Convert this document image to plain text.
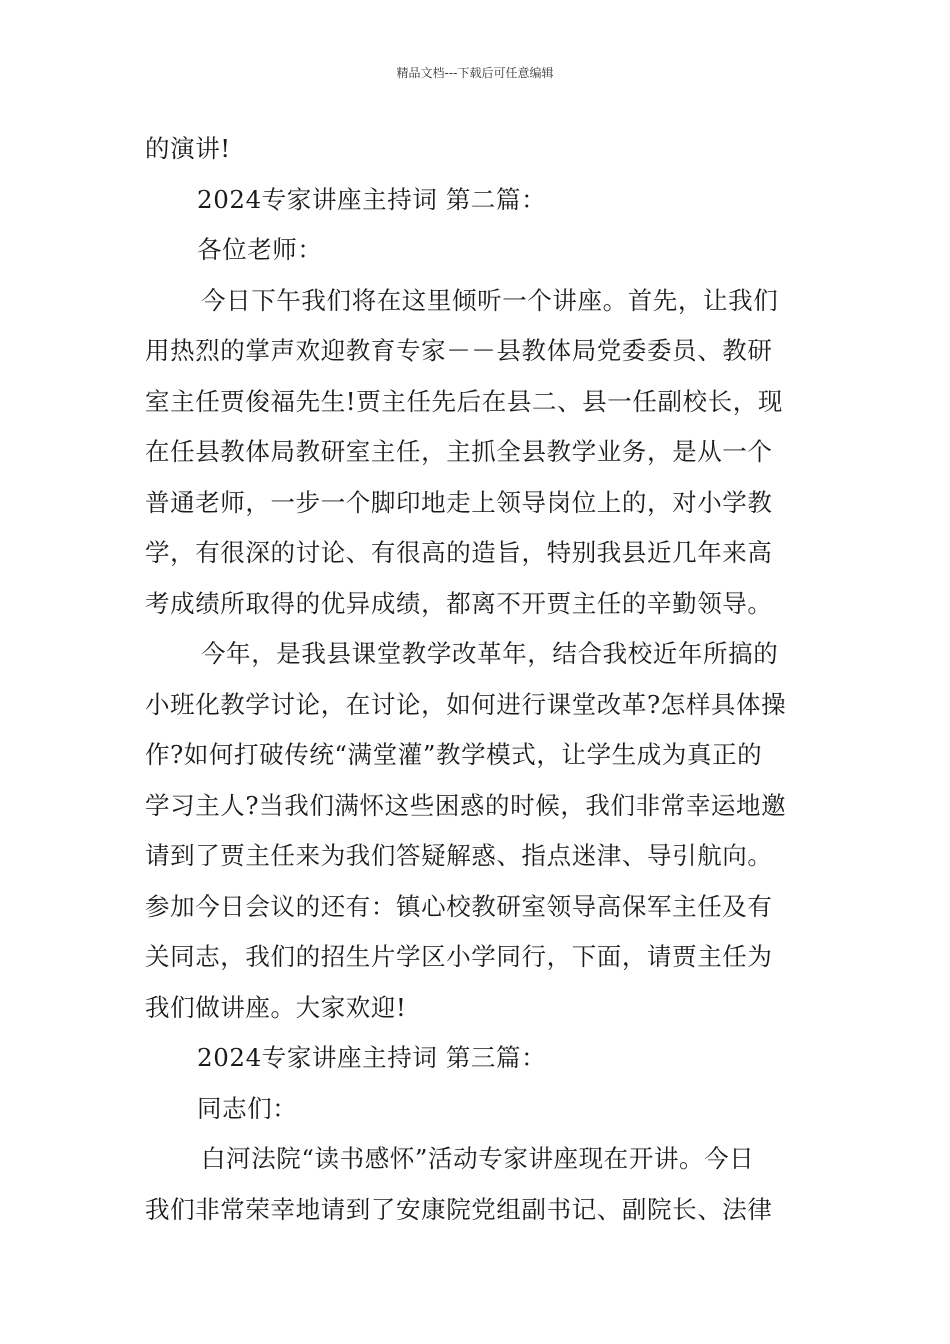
精品文档---下载后可任意编辑
的演讲!
2024专家讲座主持词 第二篇：
各位老师：
今日下午我们将在这里倾听一个讲座。首先，让我们
用热烈的掌声欢迎教育专家－－县教体局党委委员、教研
室主任贾俊福先生!贾主任先后在县二、县一任副校长，现
在任县教体局教研室主任，主抓全县教学业务，是从一个
普通老师，一步一个脚印地走上领导岗位上的，对小学教
学，有很深的讨论、有很高的造旨，特别我县近几年来高
考成绩所取得的优异成绩，都离不开贾主任的辛勤领导。
今年，是我县课堂教学改革年，结合我校近年所搞的
小班化教学讨论，在讨论，如何进行课堂改革?怎样具体操
作?如何打破传统“满堂灌”教学模式，让学生成为真正的
学习主人?当我们满怀这些困惑的时候，我们非常幸运地邀
请到了贾主任来为我们答疑解惑、指点迷津、导引航向。
参加今日会议的还有：镇心校教研室领导高保军主任及有
关同志，我们的招生片学区小学同行，下面，请贾主任为
我们做讲座。大家欢迎!
2024专家讲座主持词 第三篇：
同志们：
白河法院“读书感怀”活动专家讲座现在开讲。今日
我们非常荣幸地请到了安康院党组副书记、副院长、法律
